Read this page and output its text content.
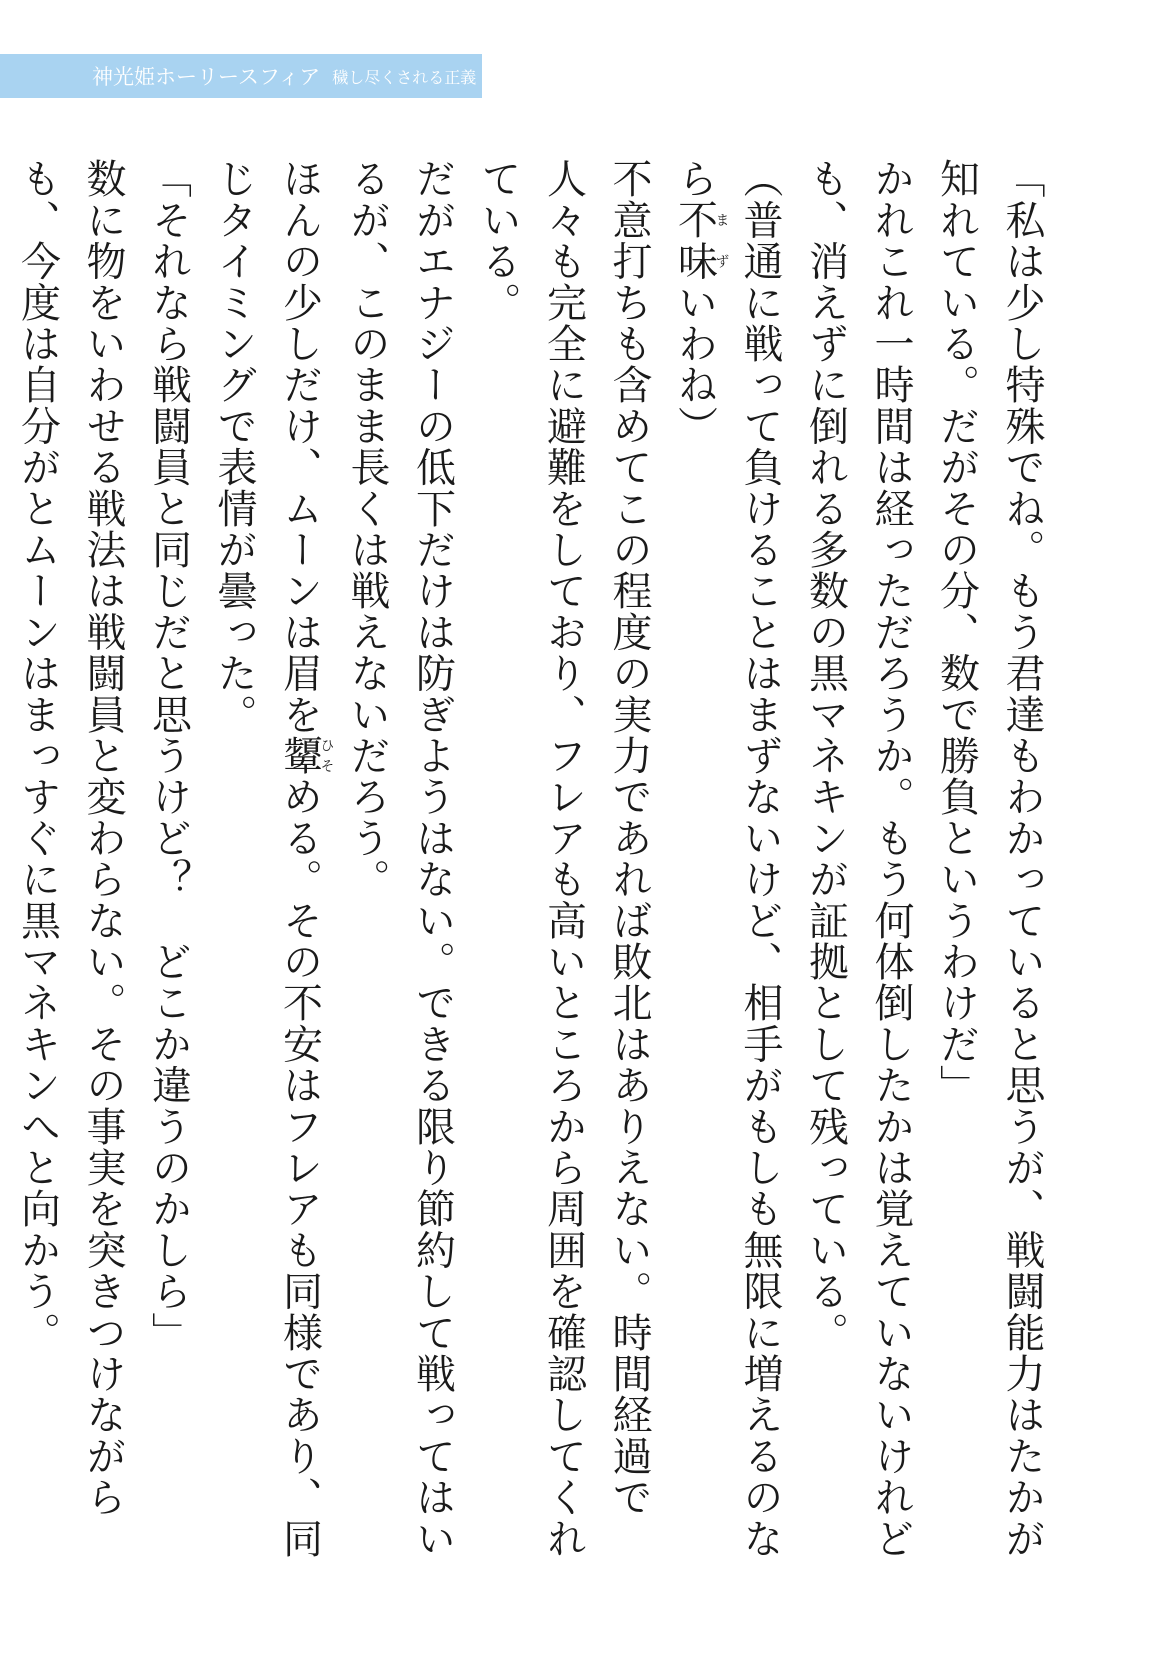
神光姫ホーリースフィア 穢し尽くされる正義

「私は少し特殊でね。もう君達もわかっていると思うが、戦闘能力はたかが知れている。だがその分、数で勝負というわけだ」

かれこれ一時間は経っただろうか。もう何体倒したかは覚えていないけれども、消えずに倒れる多数の黒マネキンが証拠として残っている。

（普通に戦って負けることはまずないけど、相手がもしも無限に増えるのなら不味まずいわね）

不意打ちも含めてこの程度の実力であれば敗北はありえない。時間経過で人々も完全に避難をしており、フレアも高いところから周囲を確認してくれている。

だがエナジーの低下だけは防ぎようはない。できる限り節約して戦ってはいるが、このまま長くは戦えないだろう。

ほんの少しだけ、ムーンは眉を顰ひそめる。その不安はフレアも同様であり、同じタイミングで表情が曇った。

「それなら戦闘員と同じだと思うけど？　どこか違うのかしら」

数に物をいわせる戦法は戦闘員と変わらない。その事実を突きつけながらも、今度は自分がとムーンはまっすぐに黒マネキンへと向かう。
